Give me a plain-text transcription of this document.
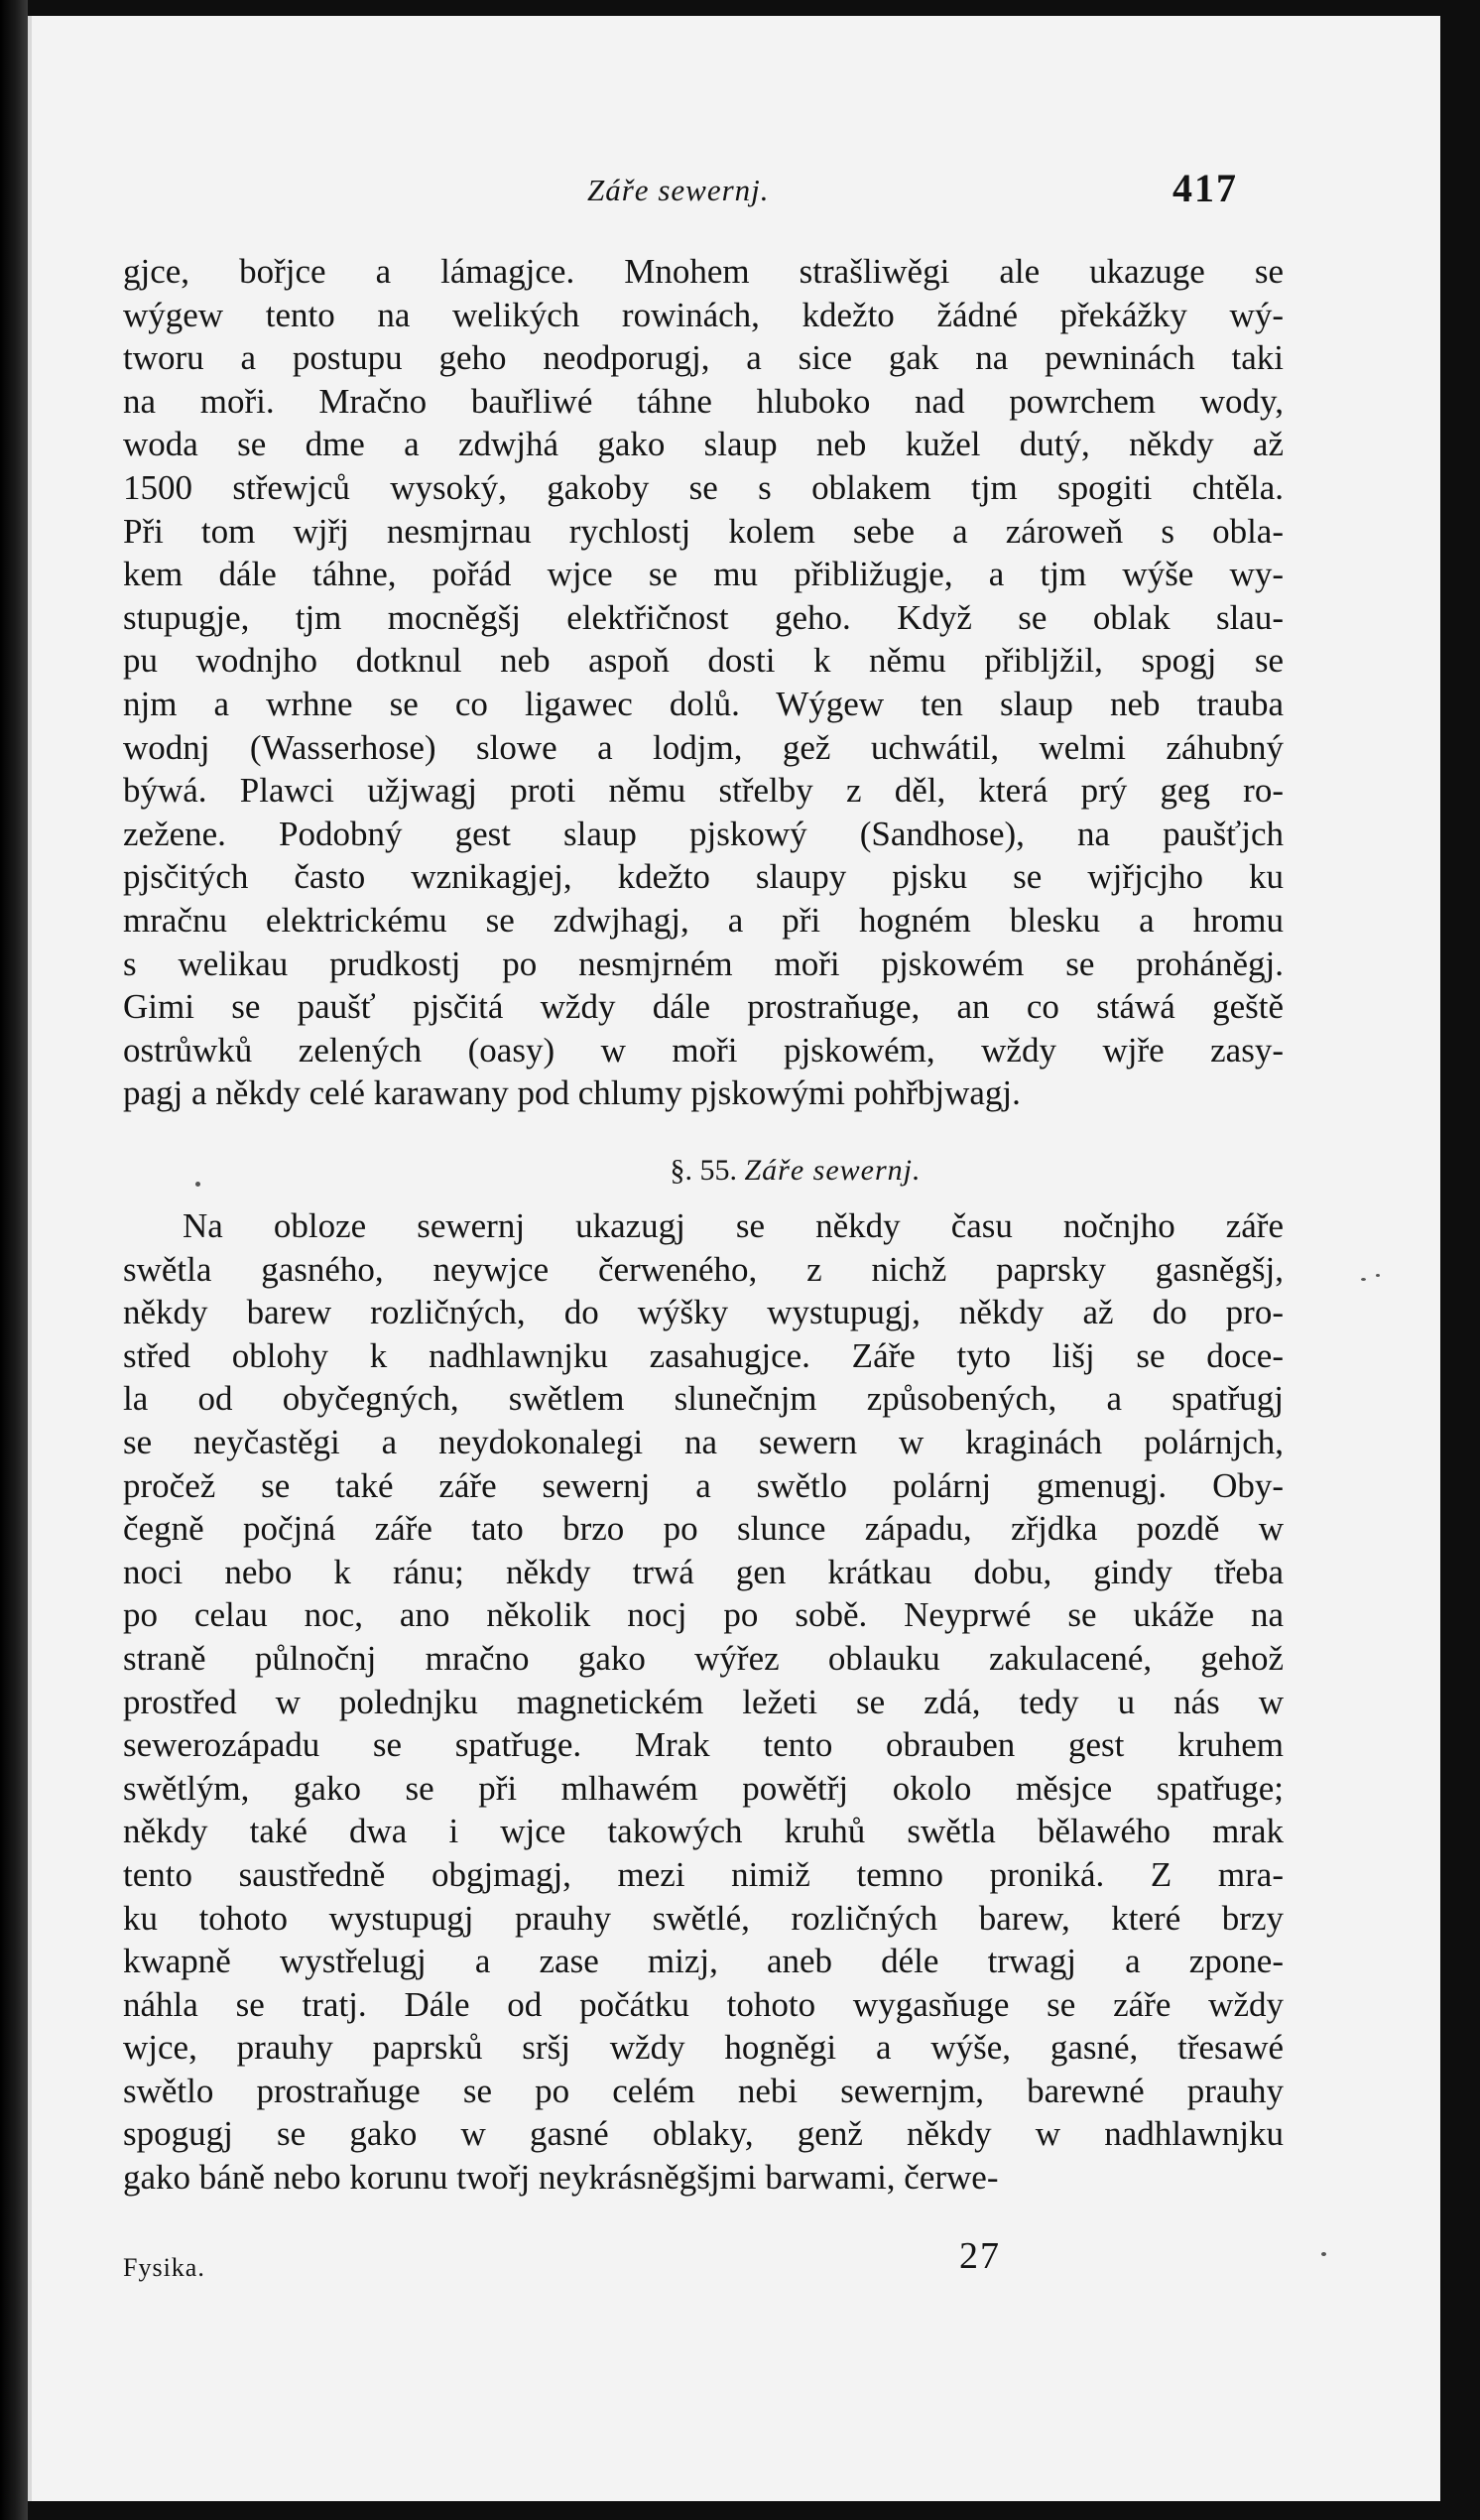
Záře sewernj.	417
gjce, bořjce a lámagjce. Mnohem strašliwěgi ale ukazuge se
wýgew tento na welikých rowinách, kdežto žádné překážky wý-
tworu a postupu geho neodporugj, a sice gak na pewninách taki
na moři. Mračno bauřliwé táhne hluboko nad powrchem wody,
woda se dme a zdwjhá gako slaup neb kužel dutý, někdy až
1500 střewjců wysoký, gakoby se s oblakem tjm spogiti chtěla.
Při tom wjřj nesmjrnau rychlostj kolem sebe a zároweň s obla-
kem dále táhne, pořád wjce se mu přibližugje, a tjm wýše wy-
stupugje, tjm mocněgšj elektřičnost geho. Když se oblak slau-
pu wodnjho dotknul neb aspoň dosti k němu přibljžil, spogj se
njm a wrhne se co ligawec dolů. Wýgew ten slaup neb trauba
wodnj (Wasserhose) slowe a lodjm, gež uchwátil, welmi záhubný
býwá. Plawci užjwagj proti němu střelby z děl, která prý geg ro-
zežene. Podobný gest slaup pjskowý (Sandhose), na paušťjch
pjsčitých často wznikagjej, kdežto slaupy pjsku se wjřjcjho ku
mračnu elektrickému se zdwjhagj, a při hogném blesku a hromu
s welikau prudkostj po nesmjrném moři pjskowém se proháněgj.
Gimi se paušť pjsčitá wždy dále prostraňuge, an co stáwá geště
ostrůwků zelených (oasy) w moři pjskowém, wždy wjře zasy-
pagj a někdy celé karawany pod chlumy pjskowými pohřbjwagj.
§. 55. Záře sewernj.
Na obloze sewernj ukazugj se někdy času nočnjho záře
swětla gasného, neywjce čerweného, z nichž paprsky gasněgšj,
někdy barew rozličných, do wýšky wystupugj, někdy až do pro-
střed oblohy k nadhlawnjku zasahugjce. Záře tyto lišj se doce-
la od obyčegných, swětlem slunečnjm způsobených, a spatřugj
se neyčastěgi a neydokonalegi na sewern w kraginách polárnjch,
pročež se také záře sewernj a swětlo polárnj gmenugj. Oby-
čegně počjná záře tato brzo po slunce západu, zřjdka pozdě w
noci nebo k ránu; někdy trwá gen krátkau dobu, gindy třeba
po celau noc, ano několik nocj po sobě. Neyprwé se ukáže na
straně půlnočnj mračno gako wýřez oblauku zakulacené, gehož
prostřed w polednjku magnetickém ležeti se zdá, tedy u nás w
sewerozápadu se spatřuge. Mrak tento obrauben gest kruhem
swětlým, gako se při mlhawém powětřj okolo měsjce spatřuge;
někdy také dwa i wjce takowých kruhů swětla bělawého mrak
tento saustředně obgjmagj, mezi nimiž temno proniká. Z mra-
ku tohoto wystupugj prauhy swětlé, rozličných barew, které brzy
kwapně wystřelugj a zase mizj, aneb déle trwagj a zpone-
náhla se tratj. Dále od počátku tohoto wygasňuge se záře wždy
wjce, prauhy paprsků sršj wždy hogněgi a wýše, gasné, třesawé
swětlo prostraňuge se po celém nebi sewernjm, barewné prauhy
spogugj se gako w gasné oblaky, genž někdy w nadhlawnjku
gako báně nebo korunu twořj neykrásněgšjmi barwami, čerwe-
Fysika.	27
